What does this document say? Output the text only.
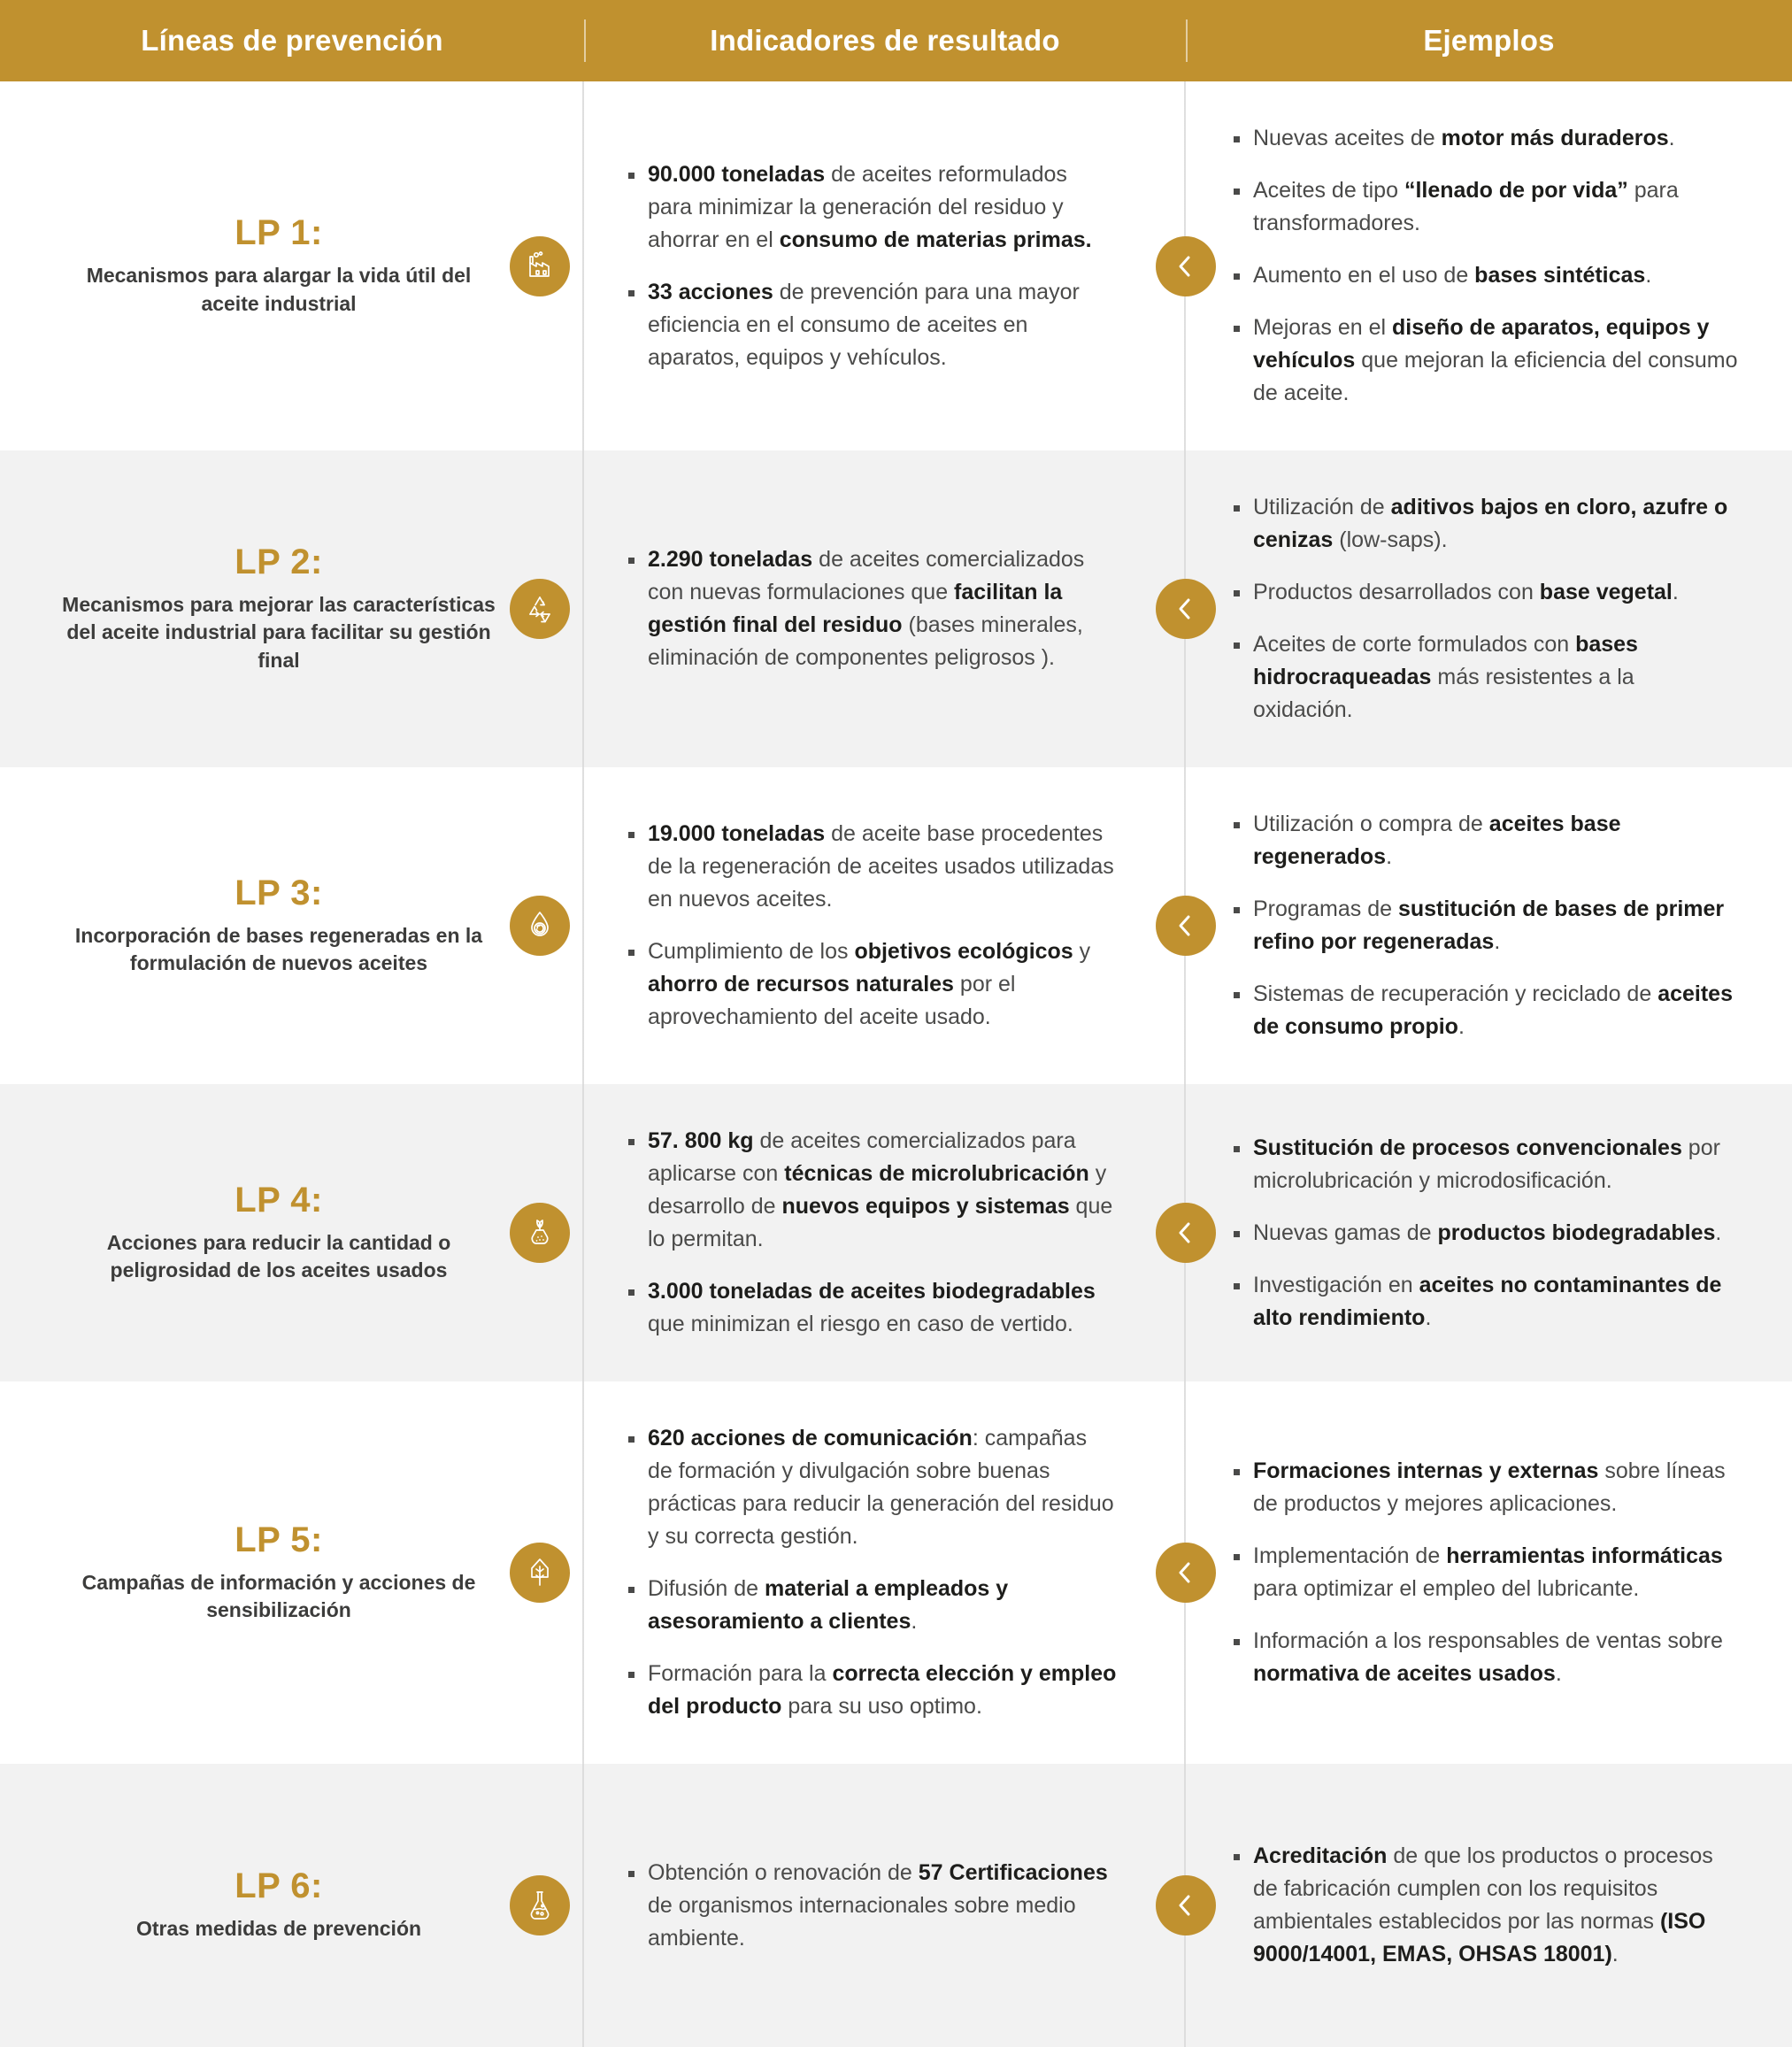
Líneas de prevención	Indicadores de resultado	Ejemplos
LP 1:
Mecanismos para alargar la vida útil del aceite industrial
90.000 toneladas de aceites reformulados para minimizar la generación del residuo y ahorrar en el consumo de materias primas.
33 acciones de prevención para una mayor eficiencia en el consumo de aceites en aparatos, equipos y vehículos.
Nuevas aceites de motor más duraderos.
Aceites de tipo “llenado de por vida” para transformadores.
Aumento en el uso de bases sintéticas.
Mejoras en el diseño de aparatos, equipos y vehículos que mejoran la eficiencia del consumo de aceite.
LP 2:
Mecanismos para mejorar las características del aceite industrial para facilitar su gestión final
2.290 toneladas de aceites comercializados con nuevas formulaciones que facilitan la gestión final del residuo (bases minerales, eliminación de componentes peligrosos ).
Utilización de aditivos bajos en cloro, azufre o cenizas (low-saps).
Productos desarrollados con base vegetal.
Aceites de corte formulados con bases hidrocraqueadas más resistentes a la oxidación.
LP 3:
Incorporación de bases regeneradas en la formulación de nuevos aceites
19.000 toneladas de aceite base procedentes de la regeneración de aceites usados utilizadas en nuevos aceites.
Cumplimiento de los objetivos ecológicos y ahorro de recursos naturales por el aprovechamiento del aceite usado.
Utilización o compra de aceites base regenerados.
Programas de sustitución de bases de primer refino por regeneradas.
Sistemas de recuperación y reciclado de aceites de consumo propio.
LP 4:
Acciones para reducir la cantidad o peligrosidad de los aceites usados
57. 800 kg de aceites comercializados para aplicarse con técnicas de microlubricación y desarrollo de nuevos equipos y sistemas que lo permitan.
3.000 toneladas de aceites biodegradables que minimizan el riesgo en caso de vertido.
Sustitución de procesos convencionales por microlubricación y microdosificación.
Nuevas gamas de productos biodegradables.
Investigación en aceites no contaminantes de alto rendimiento.
LP 5:
Campañas de información y acciones de sensibilización
620 acciones de comunicación: campañas de formación y divulgación sobre buenas prácticas para reducir la generación del residuo y su correcta gestión.
Difusión de material a empleados y asesoramiento a clientes.
Formación para la correcta elección y empleo del producto para su uso optimo.
Formaciones internas y externas sobre líneas de productos y mejores aplicaciones.
Implementación de herramientas informáticas para optimizar el empleo del lubricante.
Información a los responsables de ventas sobre normativa de aceites usados.
LP 6:
Otras medidas de prevención
Obtención o renovación de 57 Certificaciones de organismos internacionales sobre medio ambiente.
Acreditación de que los productos o procesos de fabricación cumplen con los requisitos ambientales establecidos por las normas (ISO 9000/14001, EMAS, OHSAS 18001).
